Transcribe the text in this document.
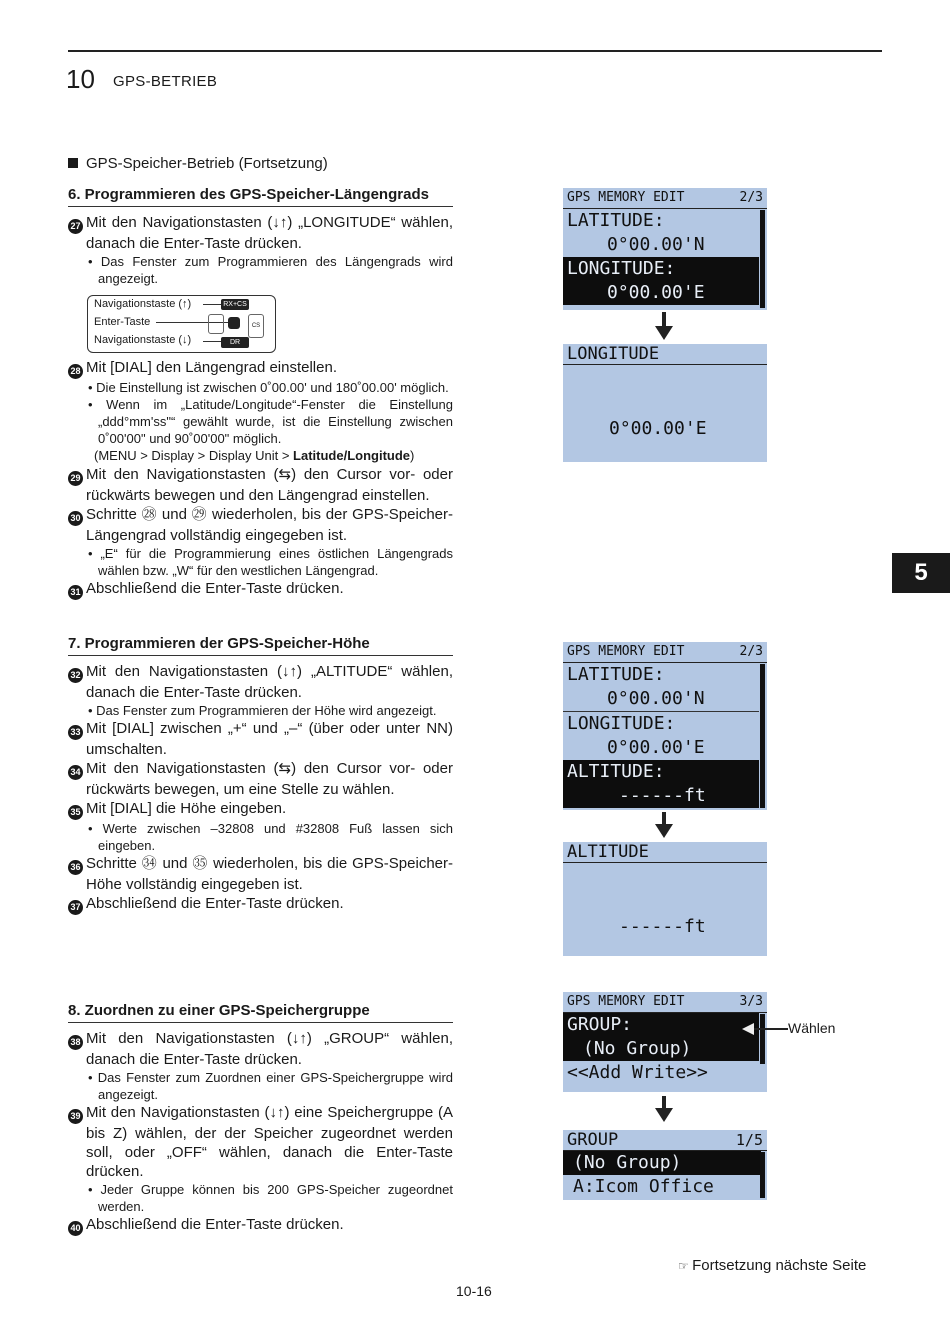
10 GPS-BETRIEB
GPS-Speicher-Betrieb (Fortsetzung)
6. Programmieren des GPS-Speicher-Längengrads

27 Mit den Navigationstasten (↓↑) „LONGITUDE“ wählen, danach die Enter-Taste drücken.

• Das Fenster zum Programmieren des Längengrads wird angezeigt.

Navigationstaste (↑)
Enter-Taste
Navigationstaste (↓)
RX+CS
CS
DR

28 Mit [DIAL] den Längengrad einstellen.

• Die Einstellung ist zwischen 0˚00.00' und 180˚00.00' möglich.

• Wenn im „Latitude/Longitude“-Fenster die Einstellung „ddd°mm'ss"“ gewählt wurde, ist die Einstellung zwischen 0˚00'00" und 90˚00'00" möglich.

(MENU > Display > Display Unit > Latitude/Longitude)

29 Mit den Navigationstasten (⇆) den Cursor vor- oder rückwärts bewegen und den Längengrad einstellen.

30 Schritte ㉘ und ㉙ wiederholen, bis der GPS-Speicher-Längengrad vollständig eingegeben ist.

• „E“ für die Programmierung eines östlichen Längengrads wählen bzw. „W“ für den westlichen Längengrad.

31 Abschließend die Enter-Taste drücken.

7. Programmieren der GPS-Speicher-Höhe

32 Mit den Navigationstasten (↓↑) „ALTITUDE“ wählen, danach die Enter-Taste drücken.

• Das Fenster zum Programmieren der Höhe wird angezeigt.

33 Mit [DIAL] zwischen „+“ und „–“ (über oder unter NN) umschalten.

34 Mit den Navigationstasten (⇆) den Cursor vor- oder rückwärts bewegen, um eine Stelle zu wählen.

35 Mit [DIAL] die Höhe eingeben.

• Werte zwischen –32808 und #32808 Fuß lassen sich eingeben.

36 Schritte ㉞ und ㉟ wiederholen, bis die GPS-Speicher-Höhe vollständig eingegeben ist.

37 Abschließend die Enter-Taste drücken.

8. Zuordnen zu einer GPS-Speichergruppe

38 Mit den Navigationstasten (↓↑) „GROUP“ wählen, danach die Enter-Taste drücken.

• Das Fenster zum Zuordnen einer GPS-Speichergruppe wird angezeigt.

39 Mit den Navigationstasten (↓↑) eine Speichergruppe (A bis Z) wählen, der der Speicher zugeordnet werden soll, oder „OFF“ wählen, danach die Enter-Taste drücken.

• Jeder Gruppe können bis 200 GPS-Speicher zugeordnet werden.

40 Abschließend die Enter-Taste drücken.

GPS MEMORY EDIT	2/3
LATITUDE:
0°00.00'N
LONGITUDE:
0°00.00'E
LONGITUDE
0°00.00'E
GPS MEMORY EDIT	2/3
LATITUDE:
0°00.00'N
LONGITUDE:
0°00.00'E
ALTITUDE:
------ft
ALTITUDE
------ft
GPS MEMORY EDIT	3/3
GROUP:
(No Group)
<<Add Write>>
Wählen
GROUP	1/5
(No Group)
A:Icom Office
5
☞ Fortsetzung nächste Seite
10-16
